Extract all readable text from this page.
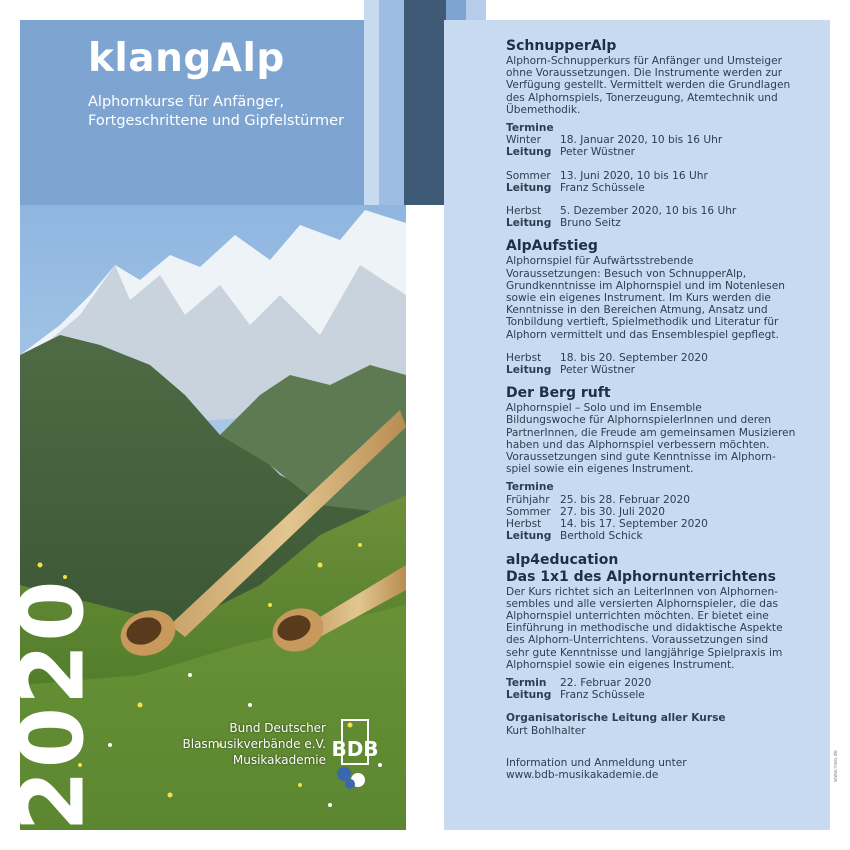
klangAlp
Alphornkurse für Anfänger,
Fortgeschrittene und Gipfelstürmer
2020	Bund Deutscher
Blasmusikverbände e.V.
Musikakademie BDB
SchnupperAlp
Alphorn-Schnupperkurs für Anfänger und Umsteiger
ohne Voraussetzungen. Die Instrumente werden zur
Verfügung gestellt. Vermittelt werden die Grundlagen
des Alphornspiels, Tonerzeugung, Atemtechnik und
Übemethodik.
Termine
Winter	18. Januar 2020, 10 bis 16 Uhr
Leitung Peter Wüstner
Sommer 13. Juni 2020, 10 bis 16 Uhr
Leitung Franz Schüssele
Herbst	5. Dezember 2020, 10 bis 16 Uhr
Leitung Bruno Seitz
AlpAufstieg
Alphornspiel für Aufwärtsstrebende
Voraussetzungen: Besuch von SchnupperAlp,
Grundkenntnisse im Alphornspiel und im Notenlesen
sowie ein eigenes Instrument. Im Kurs werden die
Kenntnisse in den Bereichen Atmung, Ansatz und
Tonbildung vertieft, Spielmethodik und Literatur für
Alphorn vermittelt und das Ensemblespiel gepflegt.
Herbst	18. bis 20. September 2020
Leitung Peter Wüstner
Der Berg ruft
Alphornspiel – Solo und im Ensemble
Bildungswoche für AlphornspielerInnen und deren
PartnerInnen, die Freude am gemeinsamen Musizieren
haben und das Alphornspiel verbessern möchten.
Voraussetzungen sind gute Kenntnisse im Alphorn-
spiel sowie ein eigenes Instrument.
Termine
Frühjahr 25. bis 28. Februar 2020
Sommer 27. bis 30. Juli 2020
Herbst	14. bis 17. September 2020
Leitung Berthold Schick
alp4education
Das 1x1 des Alphornunterrichtens
Der Kurs richtet sich an LeiterInnen von Alphornen-
sembles und alle versierten Alphornspieler, die das
Alphornspiel unterrichten möchten. Er bietet eine
Einführung in methodische und didaktische Aspekte
des Alphorn-Unterrichtens. Voraussetzungen sind
sehr gute Kenntnisse und langjährige Spielpraxis im
Alphornspiel sowie ein eigenes Instrument.
Termin	22. Februar 2020
Leitung Franz Schüssele
Organisatorische Leitung aller Kurse
Kurt Bohlhalter
Information und Anmeldung unter
www.bdb-musikakademie.de	www.ineo.de
